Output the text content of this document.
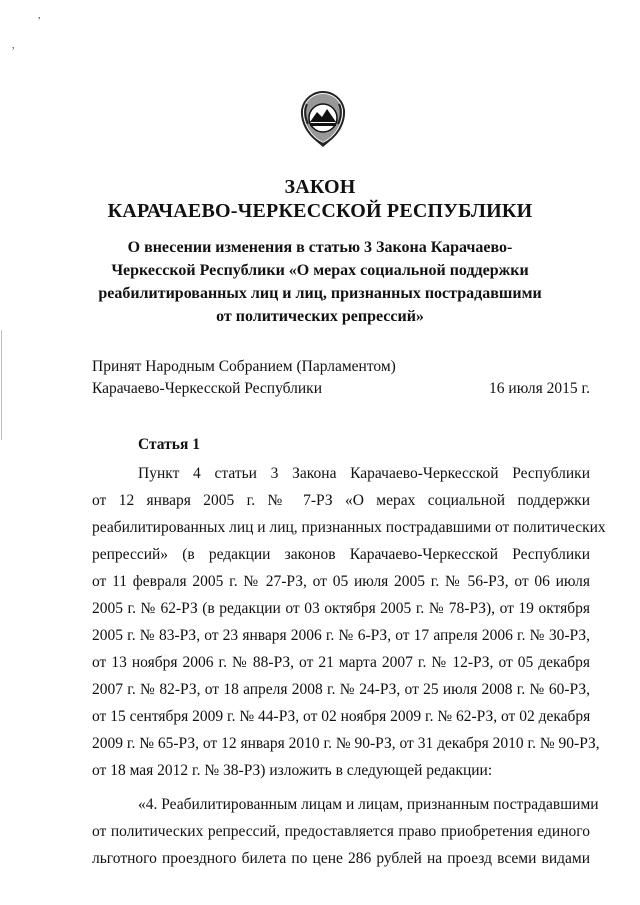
,
,
ЗАКОН
КАРАЧАЕВО-ЧЕРКЕССКОЙ РЕСПУБЛИКИ
О внесении изменения в статью 3 Закона Карачаево-
Черкесской Республики «О мерах социальной поддержки
реабилитированных лиц и лиц, признанных пострадавшими
от политических репрессий»
Принят Народным Собранием (Парламентом)
Карачаево-Черкесской Республики	16 июля 2015 г.
Статья 1
Пункт 4 статьи 3 Закона Карачаево-Черкесской Республики
от 12 января 2005 г. № 7-РЗ «О мерах социальной поддержки
реабилитированных лиц и лиц, признанных пострадавшими от политических
репрессий» (в редакции законов Карачаево-Черкесской Республики
от 11 февраля 2005 г. № 27-РЗ, от 05 июля 2005 г. № 56-РЗ, от 06 июля
2005 г. № 62-РЗ (в редакции от 03 октября 2005 г. № 78-РЗ), от 19 октября
2005 г. № 83-РЗ, от 23 января 2006 г. № 6-РЗ, от 17 апреля 2006 г. № 30-РЗ,
от 13 ноября 2006 г. № 88-РЗ, от 21 марта 2007 г. № 12-РЗ, от 05 декабря
2007 г. № 82-РЗ, от 18 апреля 2008 г. № 24-РЗ, от 25 июля 2008 г. № 60-РЗ,
от 15 сентября 2009 г. № 44-РЗ, от 02 ноября 2009 г. № 62-РЗ, от 02 декабря
2009 г. № 65-РЗ, от 12 января 2010 г. № 90-РЗ, от 31 декабря 2010 г. № 90-РЗ,
от 18 мая 2012 г. № 38-РЗ) изложить в следующей редакции:
«4. Реабилитированным лицам и лицам, признанным пострадавшими
от политических репрессий, предоставляется право приобретения единого
льготного проездного билета по цене 286 рублей на проезд всеми видами
